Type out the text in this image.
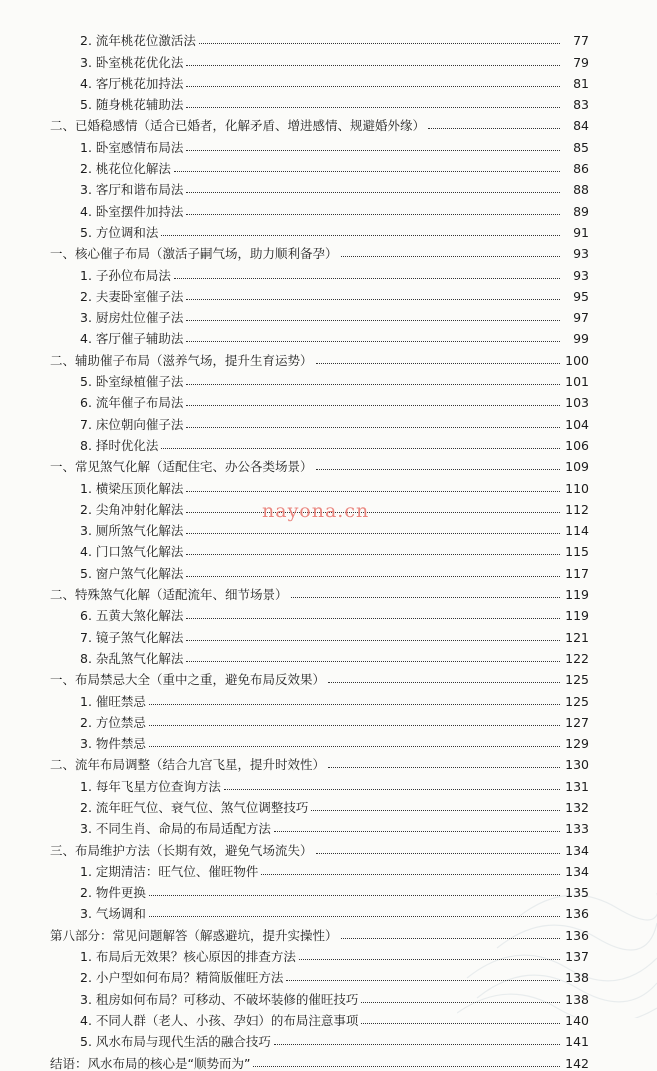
2. 流年桃花位激活法	77
3. 卧室桃花优化法	79
4. 客厅桃花加持法	81
5. 随身桃花辅助法	83
二、已婚稳感情（适合已婚者，化解矛盾、增进感情、规避婚外缘）	84
1. 卧室感情布局法	85
2. 桃花位化解法	86
3. 客厅和谐布局法	88
4. 卧室摆件加持法	89
5. 方位调和法	91
一、核心催子布局（激活子嗣气场，助力顺利备孕）	93
1. 子孙位布局法	93
2. 夫妻卧室催子法	95
3. 厨房灶位催子法	97
4. 客厅催子辅助法	99
二、辅助催子布局（滋养气场，提升生育运势）	100
5. 卧室绿植催子法	101
6. 流年催子布局法	103
7. 床位朝向催子法	104
8. 择时优化法	106
一、常见煞气化解（适配住宅、办公各类场景）	109
1. 横梁压顶化解法	110
2. 尖角冲射化解法	112
3. 厕所煞气化解法	114
4. 门口煞气化解法	115
5. 窗户煞气化解法	117
二、特殊煞气化解（适配流年、细节场景）	119
6. 五黄大煞化解法	119
7. 镜子煞气化解法	121
8. 杂乱煞气化解法	122
一、布局禁忌大全（重中之重，避免布局反效果）	125
1. 催旺禁忌	125
2. 方位禁忌	127
3. 物件禁忌	129
二、流年布局调整（结合九宫飞星，提升时效性）	130
1. 每年飞星方位查询方法	131
2. 流年旺气位、衰气位、煞气位调整技巧	132
3. 不同生肖、命局的布局适配方法	133
三、布局维护方法（长期有效，避免气场流失）	134
1. 定期清洁：旺气位、催旺物件	134
2. 物件更换	135
3. 气场调和	136
第八部分：常见问题解答（解惑避坑，提升实操性）	136
1. 布局后无效果？核心原因的排查方法	137
2. 小户型如何布局？精简版催旺方法	138
3. 租房如何布局？可移动、不破坏装修的催旺技巧	138
4. 不同人群（老人、小孩、孕妇）的布局注意事项	140
5. 风水布局与现代生活的融合技巧	141
结语：风水布局的核心是“顺势而为”	142
nayona.cn
